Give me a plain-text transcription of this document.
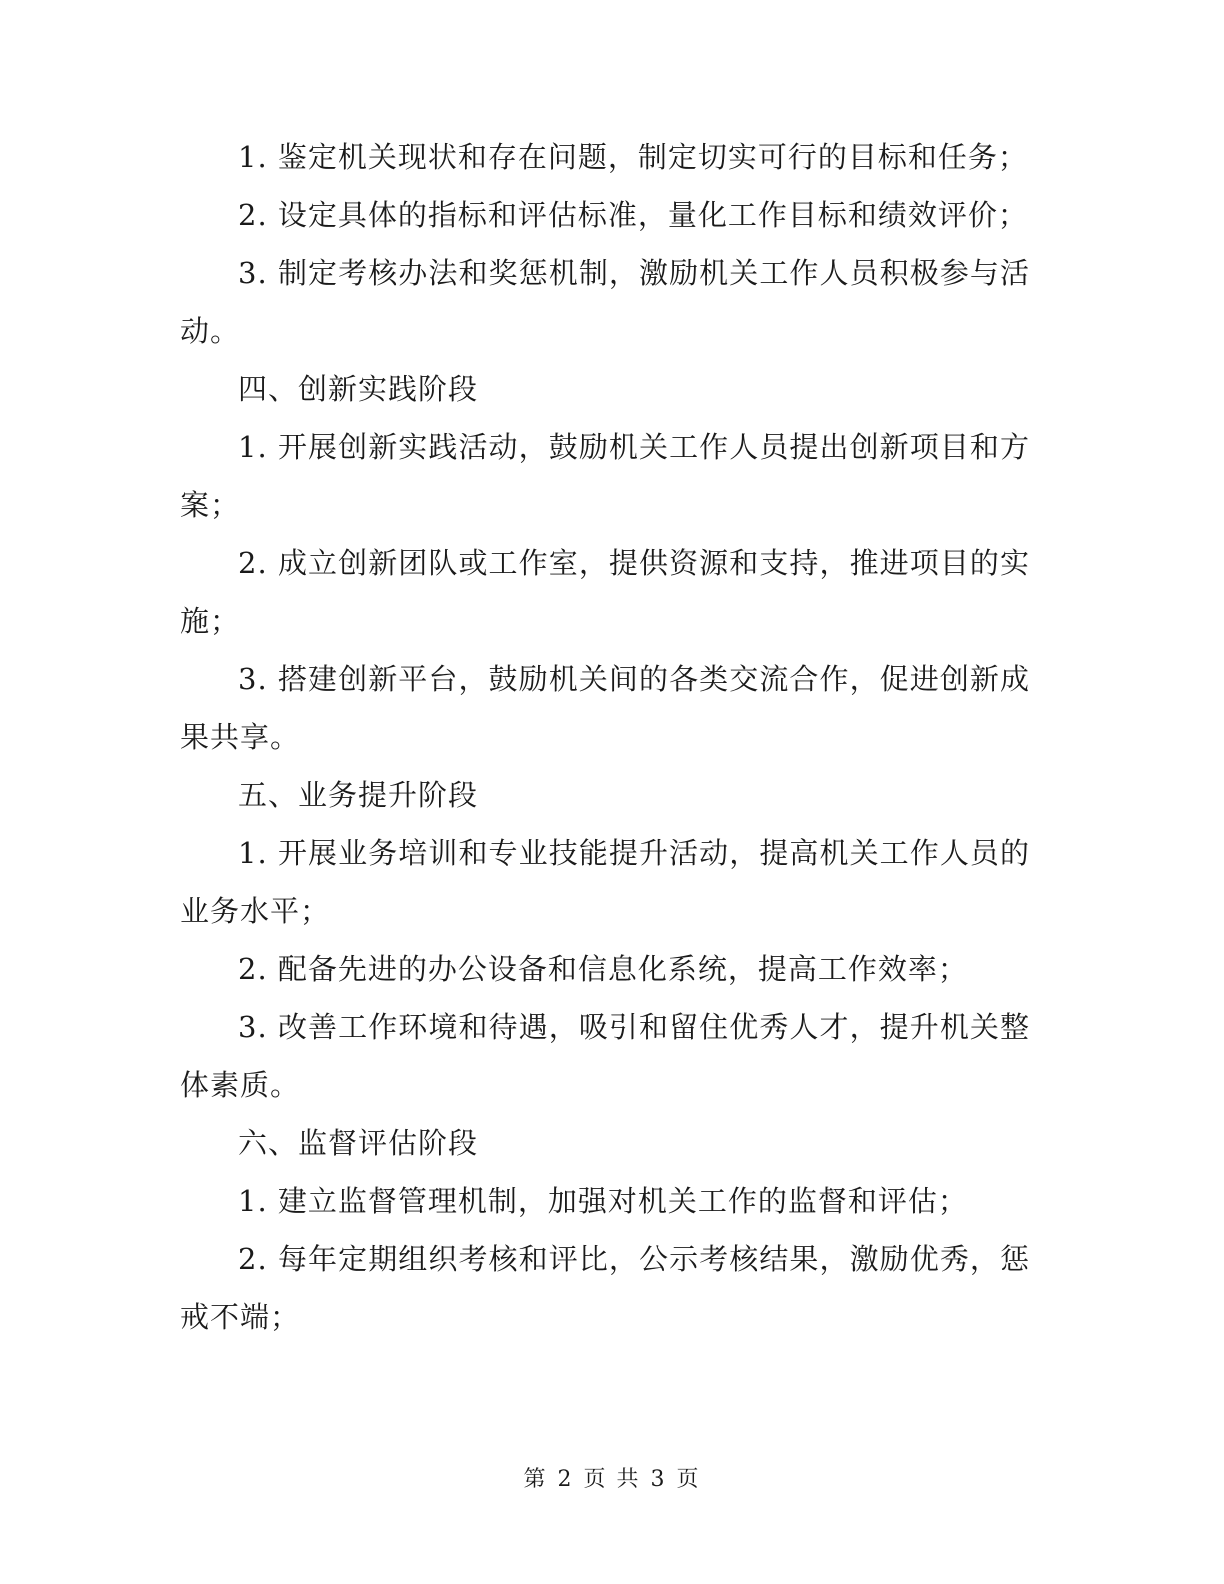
1. 鉴定机关现状和存在问题，制定切实可行的目标和任务；

2. 设定具体的指标和评估标准，量化工作目标和绩效评价；

3. 制定考核办法和奖惩机制，激励机关工作人员积极参与活动。

四、创新实践阶段

1. 开展创新实践活动，鼓励机关工作人员提出创新项目和方案；

2. 成立创新团队或工作室，提供资源和支持，推进项目的实施；

3. 搭建创新平台，鼓励机关间的各类交流合作，促进创新成果共享。

五、业务提升阶段

1. 开展业务培训和专业技能提升活动，提高机关工作人员的业务水平；

2. 配备先进的办公设备和信息化系统，提高工作效率；

3. 改善工作环境和待遇，吸引和留住优秀人才，提升机关整体素质。

六、监督评估阶段

1. 建立监督管理机制，加强对机关工作的监督和评估；

2. 每年定期组织考核和评比，公示考核结果，激励优秀，惩戒不端；

第 2 页 共 3 页
